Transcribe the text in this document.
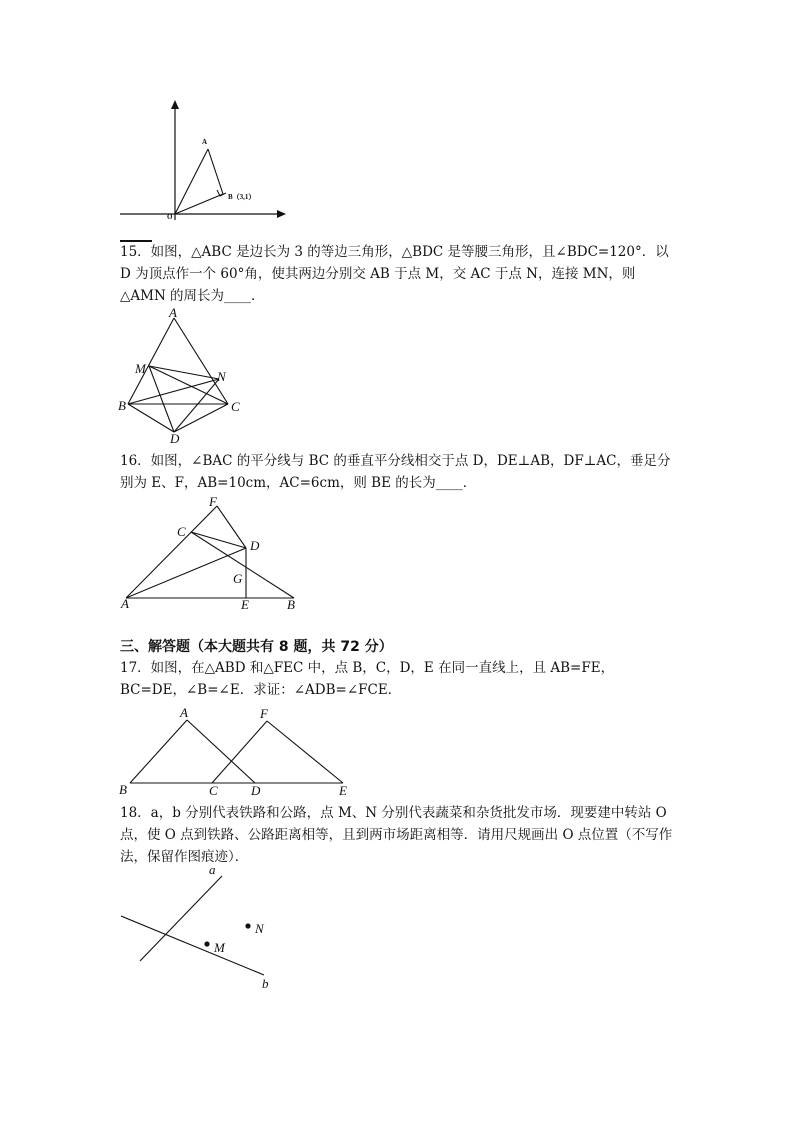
A
B（3,1）
O

15．如图，△ABC 是边长为 3 的等边三角形，△BDC 是等腰三角形，且∠BDC=120°．以 D 为顶点作一个 60°角，使其两边分别交 AB 于点 M，交 AC 于点 N，连接 MN，则△AMN 的周长为____．

A
M
N
B	C
D

16．如图，∠BAC 的平分线与 BC 的垂直平分线相交于点 D，DE⊥AB，DF⊥AC，垂足分别为 E、F，AB=10cm，AC=6cm，则 BE 的长为____．

F
C
D
G
A	E	B

三、解答题（本大题共有 8 题，共 72 分）

17．如图，在△ABD 和△FEC 中，点 B，C，D，E 在同一直线上，且 AB=FE，BC=DE，∠B=∠E．求证：∠ADB=∠FCE．

A	F
B	C	D	E

18．a，b 分别代表铁路和公路，点 M、N 分别代表蔬菜和杂货批发市场．现要建中转站 O 点，使 O 点到铁路、公路距离相等，且到两市场距离相等．请用尺规画出 O 点位置（不写作法，保留作图痕迹）．

a
b
M
N
